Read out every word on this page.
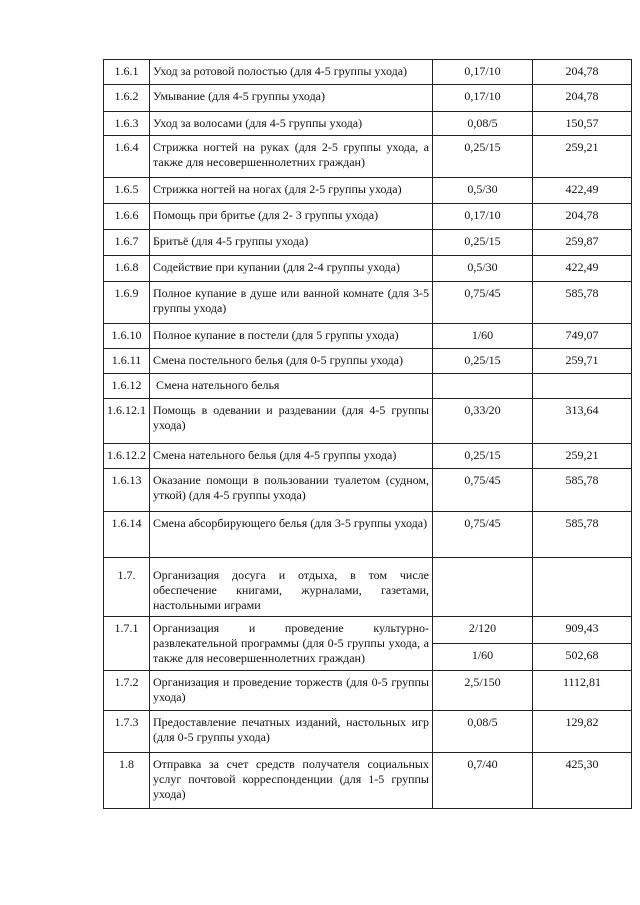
1.6.1	Уход за ротовой полостью (для 4-5 группы ухода)	0,17/10	204,78
1.6.2	Умывание (для 4-5 группы ухода)	0,17/10	204,78
1.6.3	Уход за волосами (для 4-5 группы ухода)	0,08/5	150,57
1.6.4	Стрижка ногтей на руках (для 2-5 группы ухода, а также для несовершеннолетних граждан)	0,25/15	259,21
1.6.5	Стрижка ногтей на ногах (для 2-5 группы ухода)	0,5/30	422,49
1.6.6	Помощь при бритье (для 2- 3 группы ухода)	0,17/10	204,78
1.6.7	Бритьё (для 4-5 группы ухода)	0,25/15	259,87
1.6.8	Содействие при купании (для 2-4 группы ухода)	0,5/30	422,49
1.6.9	Полное купание в душе или ванной комнате (для 3-5 группы ухода)	0,75/45	585,78
1.6.10	Полное купание в постели (для 5 группы ухода)	1/60	749,07
1.6.11	Смена постельного белья (для 0-5 группы ухода)	0,25/15	259,71
1.6.12	Смена нательного белья		
1.6.12.1	Помощь в одевании и раздевании (для 4-5 группы ухода)	0,33/20	313,64
1.6.12.2	Смена нательного белья (для 4-5 группы ухода)	0,25/15	259,21
1.6.13	Оказание помощи в пользовании туалетом (судном, уткой) (для 4-5 группы ухода)	0,75/45	585,78
1.6.14	Смена абсорбирующего белья (для 3-5 группы ухода)	0,75/45	585,78
1.7.	Организация досуга и отдыха, в том числе обеспечение книгами, журналами, газетами, настольными играми		
1.7.1	Организация и проведение культурно-развлекательной программы (для 0-5 группы ухода, а также для несовершеннолетних граждан)	2/120	909,43
		1/60	502,68
1.7.2	Организация и проведение торжеств (для 0-5 группы ухода)	2,5/150	1112,81
1.7.3	Предоставление печатных изданий, настольных игр (для 0-5 группы ухода)	0,08/5	129,82
1.8	Отправка за счет средств получателя социальных услуг почтовой корреспонденции (для 1-5 группы ухода)	0,7/40	425,30
